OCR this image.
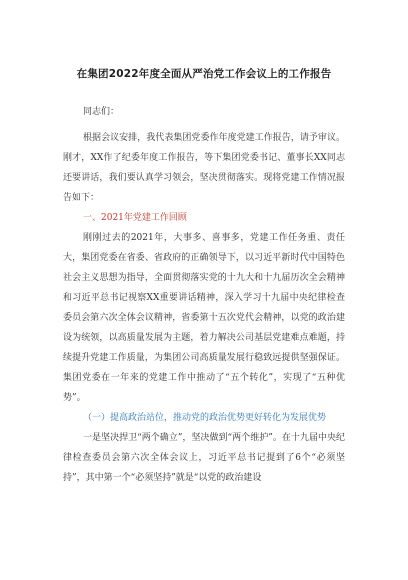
在集团2022年度全面从严治党工作会议上的工作报告
同志们：

根据会议安排，我代表集团党委作年度党建工作报告，请予审议。刚才，XX作了纪委年度工作报告，等下集团党委书记、董事长XX同志还要讲话，我们要认真学习领会，坚决贯彻落实。现将党建工作情况报告如下：

一、2021年党建工作回顾

刚刚过去的2021年，大事多、喜事多，党建工作任务重、责任大，集团党委在省委、省政府的正确领导下，以习近平新时代中国特色社会主义思想为指导，全面贯彻落实党的十九大和十九届历次全会精神和习近平总书记视察XX重要讲话精神，深入学习十九届中央纪律检查委员会第六次全体会议精神，省委第十五次党代会精神，以党的政治建设为统领，以高质量发展为主题，着力解决公司基层党建难点难题，持续提升党建工作质量，为集团公司高质量发展行稳致远提供坚强保证。集团党委在一年来的党建工作中推动了“五个转化”，实现了“五种优势”。

（一）提高政治站位，推动党的政治优势更好转化为发展优势

一是坚决捍卫“两个确立”，坚决做到“两个维护”。在十九届中央纪律检查委员会第六次全体会议上，习近平总书记提到了6个“必须坚持”，其中第一个“必须坚持”就是“以党的政治建设
